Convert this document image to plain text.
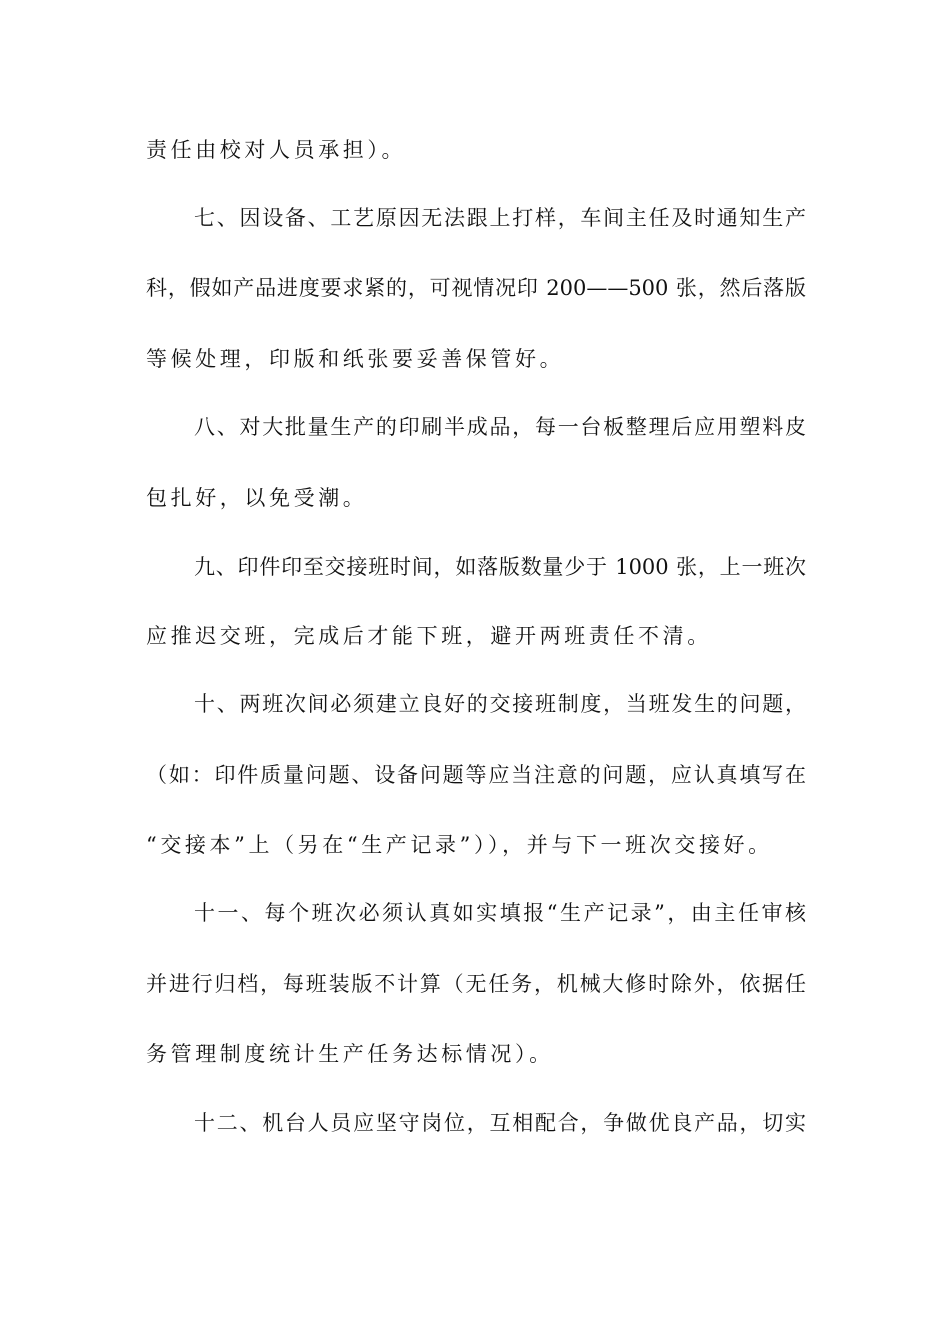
责任由校对人员承担）。
七、因设备、工艺原因无法跟上打样，车间主任及时通知生产
科，假如产品进度要求紧的，可视情况印 200——500 张，然后落版
等候处理，印版和纸张要妥善保管好。
八、对大批量生产的印刷半成品，每一台板整理后应用塑料皮
包扎好，以免受潮。
九、印件印至交接班时间，如落版数量少于 1000 张，上一班次
应推迟交班，完成后才能下班，避开两班责任不清。
十、两班次间必须建立良好的交接班制度，当班发生的问题，
（如：印件质量问题、设备问题等应当注意的问题，应认真填写在
“交接本”上（另在“生产记录”）），并与下一班次交接好。
十一、每个班次必须认真如实填报“生产记录”，由主任审核
并进行归档，每班装版不计算（无任务，机械大修时除外，依据任
务管理制度统计生产任务达标情况）。
十二、机台人员应坚守岗位，互相配合，争做优良产品，切实
